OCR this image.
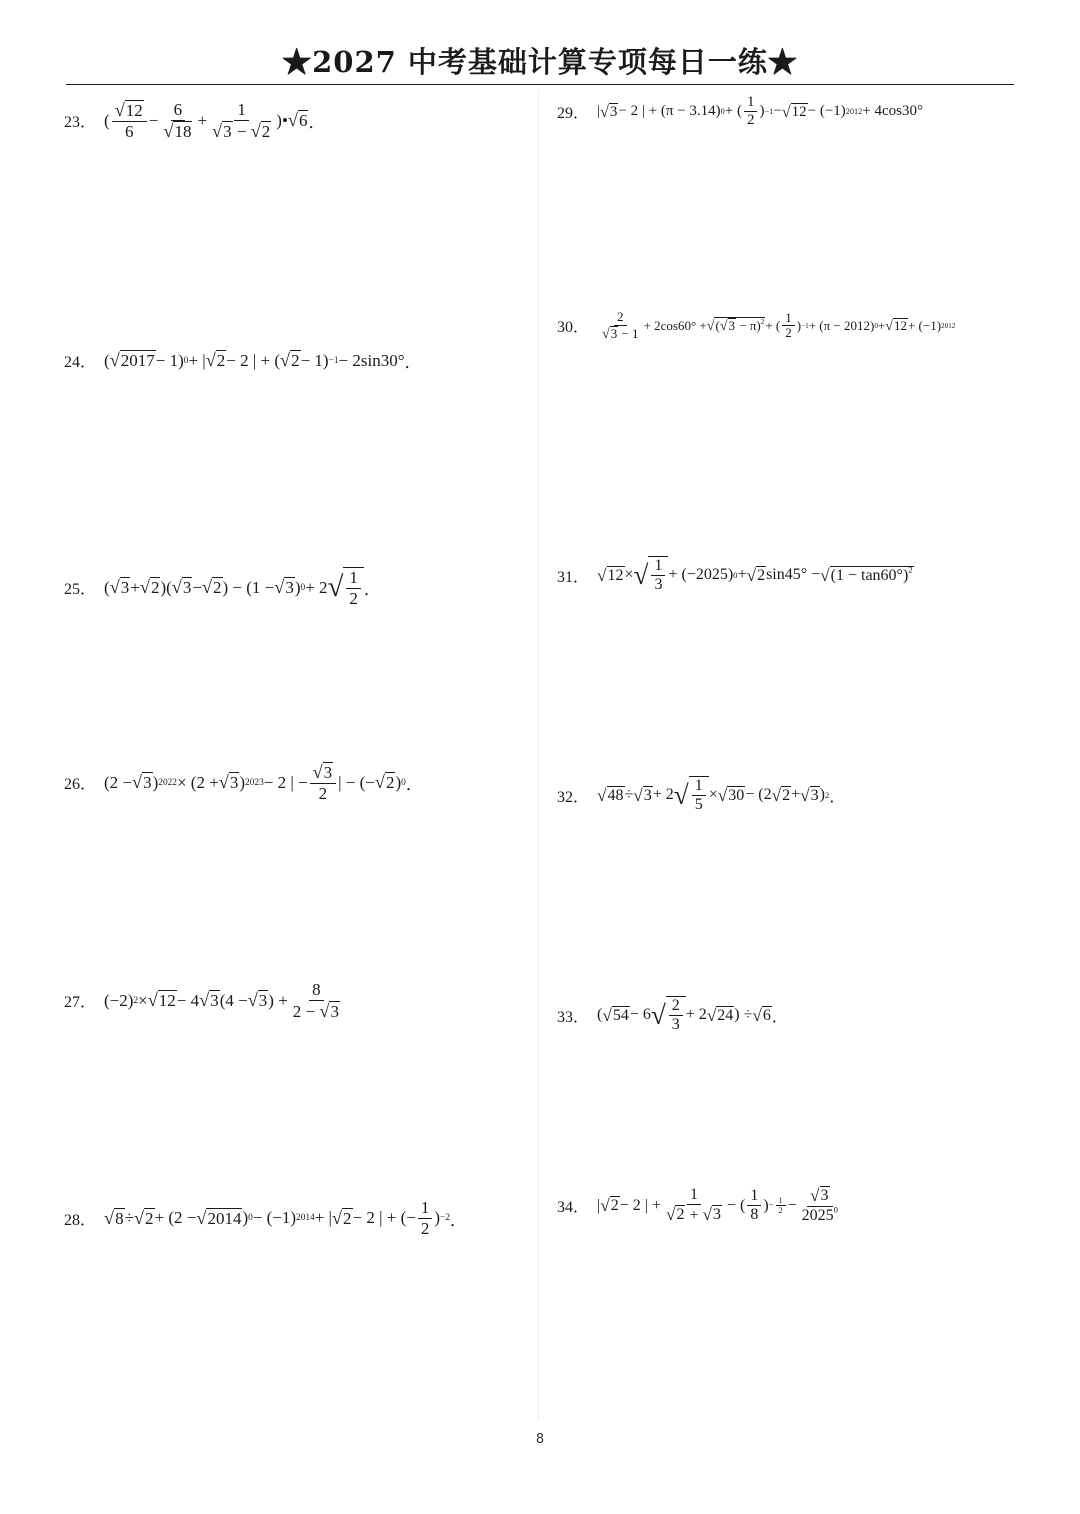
★2027 中考基础计算专项每日一练★
23． ( $\frac{√ 12}{6} - \frac{6}{√ 18} + \frac{1}{√ 3 - √ 2}$ )• √ 6 ．
24． ( √ 2017 − 1) 0 + | √ 2 − 2 | + ( √ 2 − 1) −1 − 2sin30° ．
25． ( √ 3 + √ 2 )( √ 3 − √ 2 ) − (1 − √ 3 ) 0 + 2 √ $\frac{1}{2}$ ．
26． (2 − √ 3 ) 2022 × (2 + √ 3 ) 2023 − 2 | − $\frac{√ 3}{2}$ | − (− √ 2 ) 0 ．
27． (−2) 2 × √ 12 − 4 √ 3 (4 − √ 3 ) + $\frac{8}{2 - √ 3}$
28． √ 8 ÷ √ 2 + (2 − √ 2014 ) 0 − (−1) 2014 + | √ 2 − 2 | + (− $\frac{1}{2}$ ) −2 ．
29． | √ 3 − 2 | + (π − 3.14) 0 + ( $\frac{1}{2}$ ) −1 − √ 12 − (−1) 2012 + 4cos30°
30． $\frac{2}{√ 3 - 1} + 2\cos 60^\circ$ + √ ( √ 3 − π)$^2$ + ( $\frac{1}{2}$ ) −1 + (π − 2012) 0 + √ 12 + (−1) 2012
31． √ 12 × √ $\frac{1}{3} + (-2025) 0$ + √ 2 sin45° − √ $(1 - \tan 60^\circ)^2$
32． √ 48 ÷ √ 3 + 2 √ $\frac{1}{5}$ × √ 30 − (2 √ 2 + √ 3 ) 2 ．
33． ( √ 54 − 6 √ $\frac{2}{3} + 2$ √ 24 ) ÷ √ 6 ．
34． | √ 2 − 2 | + $\frac{1}{√ 2 + √ 3}$ − ( $\frac{1}{8}$ ) − $\frac{1}{2} - \frac{√ 3}{2025^0}$
8
